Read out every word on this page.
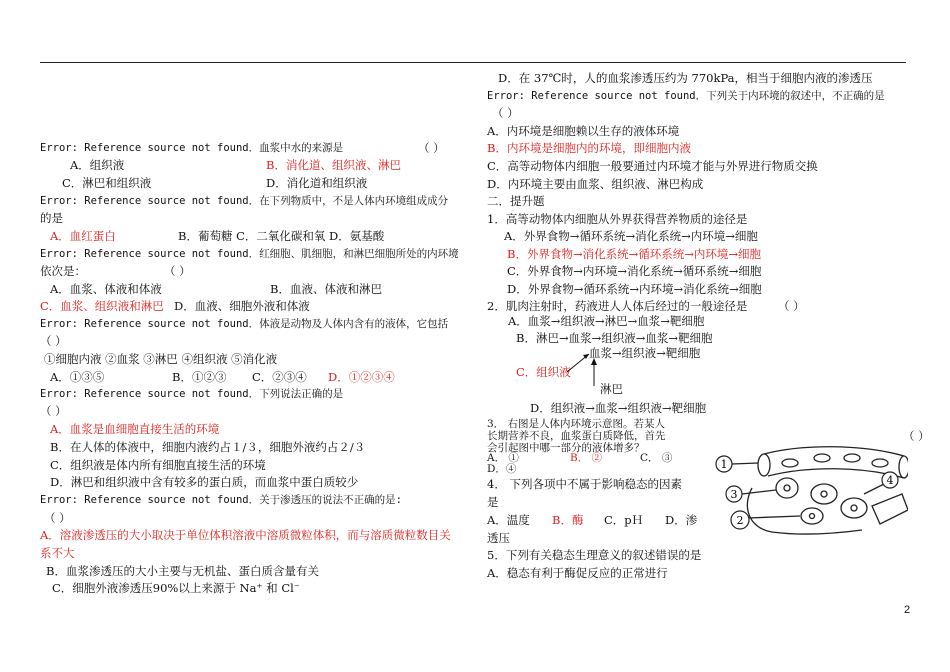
Error: Reference source not found．血浆中水的来源是	（ ）
A．组织液	B．消化道、组织液、淋巴
C．淋巴和组织液	D．消化道和组织液
Error: Reference source not found．在下列物质中，不是人体内环境组成成分
的是
A．血红蛋白	B．葡萄糖 C．二氧化碳和氧 D．氨基酸
Error: Reference source not found．红细胞、肌细胞，和淋巴细胞所处的内环境
依次是：	（ ）
A．血浆、体液和体液	B．血液、体液和淋巴
C．血浆、组织液和淋巴 D．血液、细胞外液和体液
Error: Reference source not found．体液是动物及人体内含有的液体，它包括
（ ）
①细胞内液 ②血浆 ③淋巴 ④组织液 ⑤消化液
A．①③⑤	B．①②③ C．②③④ D．①②③④
Error: Reference source not found．下列说法正确的是
（ ）
A．血浆是血细胞直接生活的环境
B．在人体的体液中，细胞内液约占１/３，细胞外液约占２/３
C．组织液是体内所有细胞直接生活的环境
D．淋巴和组织液中含有较多的蛋白质，而血浆中蛋白质较少
Error: Reference source not found．关于渗透压的说法不正确的是:
（ ）
A．溶液渗透压的大小取决于单位体积溶液中溶质微粒体积，而与溶质微粒数目关
系不大
B．血浆渗透压的大小主要与无机盐、蛋白质含量有关
C．细胞外液渗透压90%以上来源于 Na⁺ 和 Cl⁻
D．在 37℃时，人的血浆渗透压约为 770kPa，相当于细胞内液的渗透压
Error: Reference source not found．下列关于内环境的叙述中，不正确的是
（ ）
A．内环境是细胞赖以生存的液体环境
B．内环境是细胞内的环境，即细胞内液
C．高等动物体内细胞一般要通过内环境才能与外界进行物质交换
D．内环境主要由血浆、组织液、淋巴构成
二．提升题
1．高等动物体内细胞从外界获得营养物质的途径是
A．外界食物→循环系统→消化系统→内环境→细胞
B．外界食物→消化系统→循环系统→内环境→细胞
C．外界食物→内环境→消化系统→循环系统→细胞
D．外界食物→循环系统→内环境→消化系统→细胞
2．肌肉注射时，药液进人人体后经过的一般途径是	（ ）
A．血浆→组织液→淋巴→血浆→靶细胞
B．淋巴→血浆→组织液→血浆→靶细胞
C．组织液
血浆→组织液→靶细胞
淋巴
D．组织液→血浆→组织液→靶细胞
3． 右图是人体内环境示意图。若某人
长期营养不良，血浆蛋白质降低，首先
会引起图中哪一部分的液体增多？
（ ）
A． ①	B． ②	C． ③
D．④
4． 下列各项中不属于影响稳态的因素
是
A．温度 B．酶 C．pＨ D．渗
透压
5．下列有关稳态生理意义的叙述错误的是
A．稳态有利于酶促反应的正常进行
1
3
4
2
2
